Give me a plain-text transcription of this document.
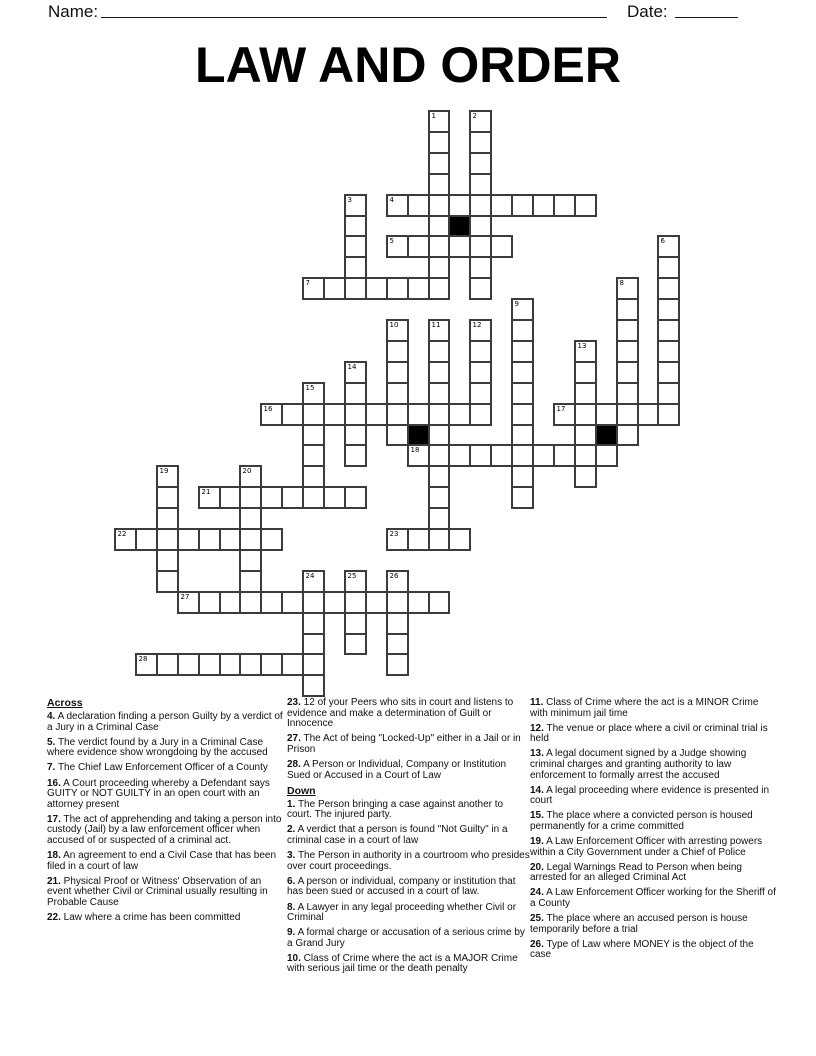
Name:	Date:
LAW AND ORDER
1	2
3	4
5	6
7	8
9
10	11	12
13
14
15
16	17
18
19	20
21
22	23
24	25	26
27
28
Across
4. A declaration finding a person Guilty by a verdict of a Jury in a Criminal Case
5. The verdict found by a Jury in a Criminal Case where evidence show wrongdoing by the accused
7. The Chief Law Enforcement Officer of a County
16. A Court proceeding whereby a Defendant says GUITY or NOT GUILTY in an open court with an attorney present
17. The act of apprehending and taking a person into custody (Jail) by a law enforcement officer when accused of or suspected of a criminal act.
18. An agreement to end a Civil Case that has been filed in a court of law
21. Physical Proof or Witness' Observation of an event whether Civil or Criminal usually resulting in Probable Cause
22. Law where a crime has been committed
23. 12 of your Peers who sits in court and listens to evidence and make a determination of Guilt or Innocence
27. The Act of being "Locked-Up" either in a Jail or in Prison
28. A Person or Individual, Company or Institution Sued or Accused in a Court of Law
Down
1. The Person bringing a case against another to court. The injured party.
2. A verdict that a person is found "Not Guilty" in a criminal case in a court of law
3. The Person in authority in a courtroom who presides over court proceedings.
6. A person or individual, company or institution that has been sued or accused in a court of law.
8. A Lawyer in any legal proceeding whether Civil or Criminal
9. A formal charge or accusation of a serious crime by a Grand Jury
10. Class of Crime where the act is a MAJOR Crime with serious jail time or the death penalty
11. Class of Crime where the act is a MINOR Crime with minimum jail time
12. The venue or place where a civil or criminal trial is held
13. A legal document signed by a Judge showing criminal charges and granting authority to law enforcement to formally arrest the accused
14. A legal proceeding where evidence is presented in court
15. The place where a convicted person is housed permanently for a crime committed
19. A Law Enforcement Officer with arresting powers within a City Government under a Chief of Police
20. Legal Warnings Read to Person when being arrested for an alleged Criminal Act
24. A Law Enforcement Officer working for the Sheriff of a County
25. The place where an accused person is house temporarily before a trial
26. Type of Law where MONEY is the object of the case
